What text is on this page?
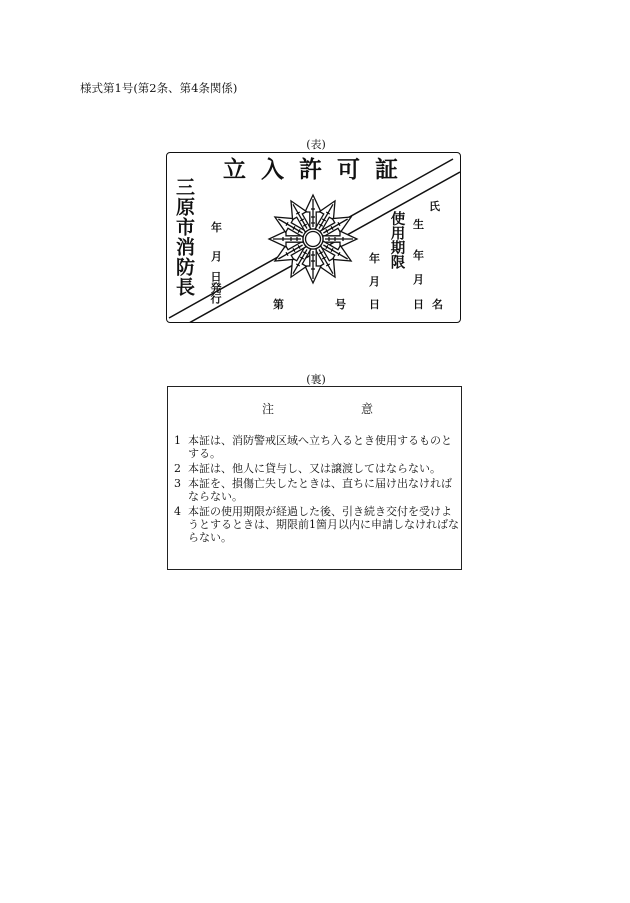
様式第1号(第2条、第4条関係)
(表)
立入許可証
三原市消防長 年
月
日発行
使用期限
年
月
日
氏
生
年
月
日 名
第	号
(裏)
注	意
1 本証は、消防警戒区域へ立ち入るとき使用するものとする。
2 本証は、他人に貸与し、又は譲渡してはならない。
3 本証を、損傷亡失したときは、直ちに届け出なければならない。
4 本証の使用期限が経過した後、引き続き交付を受けようとするときは、期限前1箇月以内に申請しなければならない。
